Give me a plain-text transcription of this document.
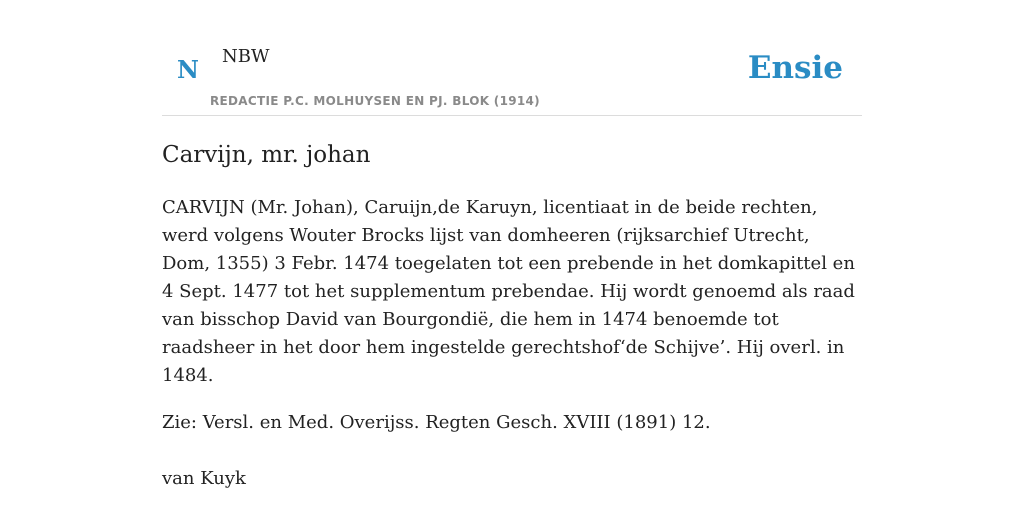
N NBW
REDACTIE P.C. MOLHUYSEN EN PJ. BLOK (1914)
Ensie
Carvijn, mr. johan

CARVIJN (Mr. Johan), Caruijn,de Karuyn, licentiaat in de beide rechten, werd volgens Wouter Brocks lijst van domheeren (rijksarchief Utrecht, Dom, 1355) 3 Febr. 1474 toegelaten tot een prebende in het domkapittel en 4 Sept. 1477 tot het supplementum prebendae. Hij wordt genoemd als raad van bisschop David van Bourgondië, die hem in 1474 benoemde tot raadsheer in het door hem ingestelde gerechtshof‘de Schijve’. Hij overl. in 1484.

Zie: Versl. en Med. Overijss. Regten Gesch. XVIII (1891) 12.

van Kuyk
